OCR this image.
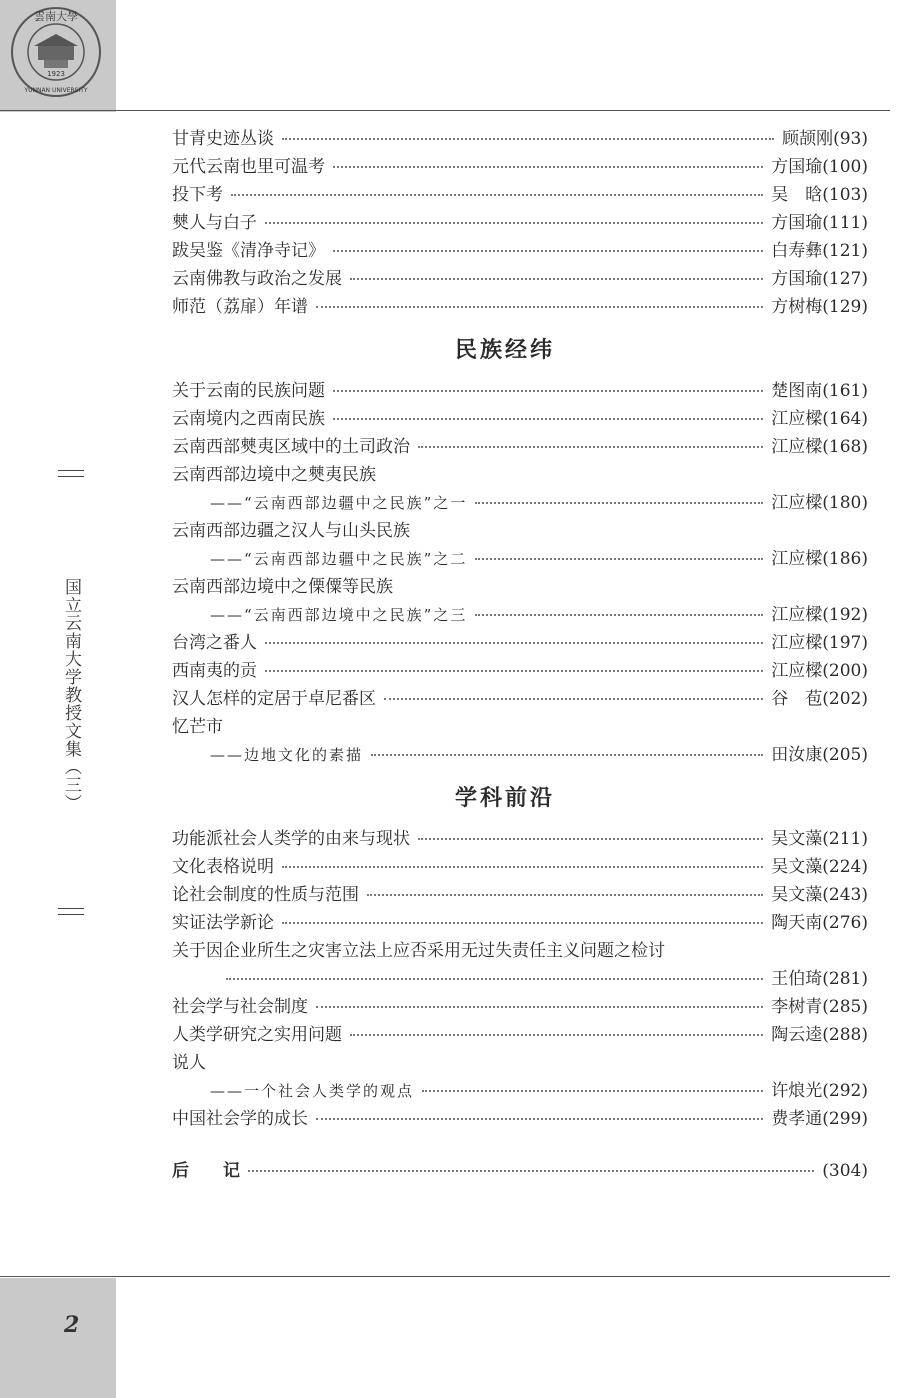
1923
雲南大學
YUNNAN UNIVERSITY
国立云南大学教授文集（三）
2
甘青史迹丛谈	顾颉刚(93)
元代云南也里可温考	方国瑜(100)
投下考	吴　晗(103)
僰人与白子	方国瑜(111)
跋吴鉴《清净寺记》	白寿彝(121)
云南佛教与政治之发展	方国瑜(127)
师范（荔扉）年谱	方树梅(129)
民族经纬
关于云南的民族问题	楚图南(161)
云南境内之西南民族	江应樑(164)
云南西部僰夷区域中的土司政治	江应樑(168)
云南西部边境中之僰夷民族
——“云南西部边疆中之民族”之一	江应樑(180)
云南西部边疆之汉人与山头民族
——“云南西部边疆中之民族”之二	江应樑(186)
云南西部边境中之傈僳等民族
——“云南西部边境中之民族”之三	江应樑(192)
台湾之番人	江应樑(197)
西南夷的贡	江应樑(200)
汉人怎样的定居于卓尼番区	谷　苞(202)
忆芒市
——边地文化的素描	田汝康(205)
学科前沿
功能派社会人类学的由来与现状	吴文藻(211)
文化表格说明	吴文藻(224)
论社会制度的性质与范围	吴文藻(243)
实证法学新论	陶天南(276)
关于因企业所生之灾害立法上应否采用无过失责任主义问题之检讨
王伯琦(281)
社会学与社会制度	李树青(285)
人类学研究之实用问题	陶云逵(288)
说人
——一个社会人类学的观点	许烺光(292)
中国社会学的成长	费孝通(299)
后　　记	(304)
